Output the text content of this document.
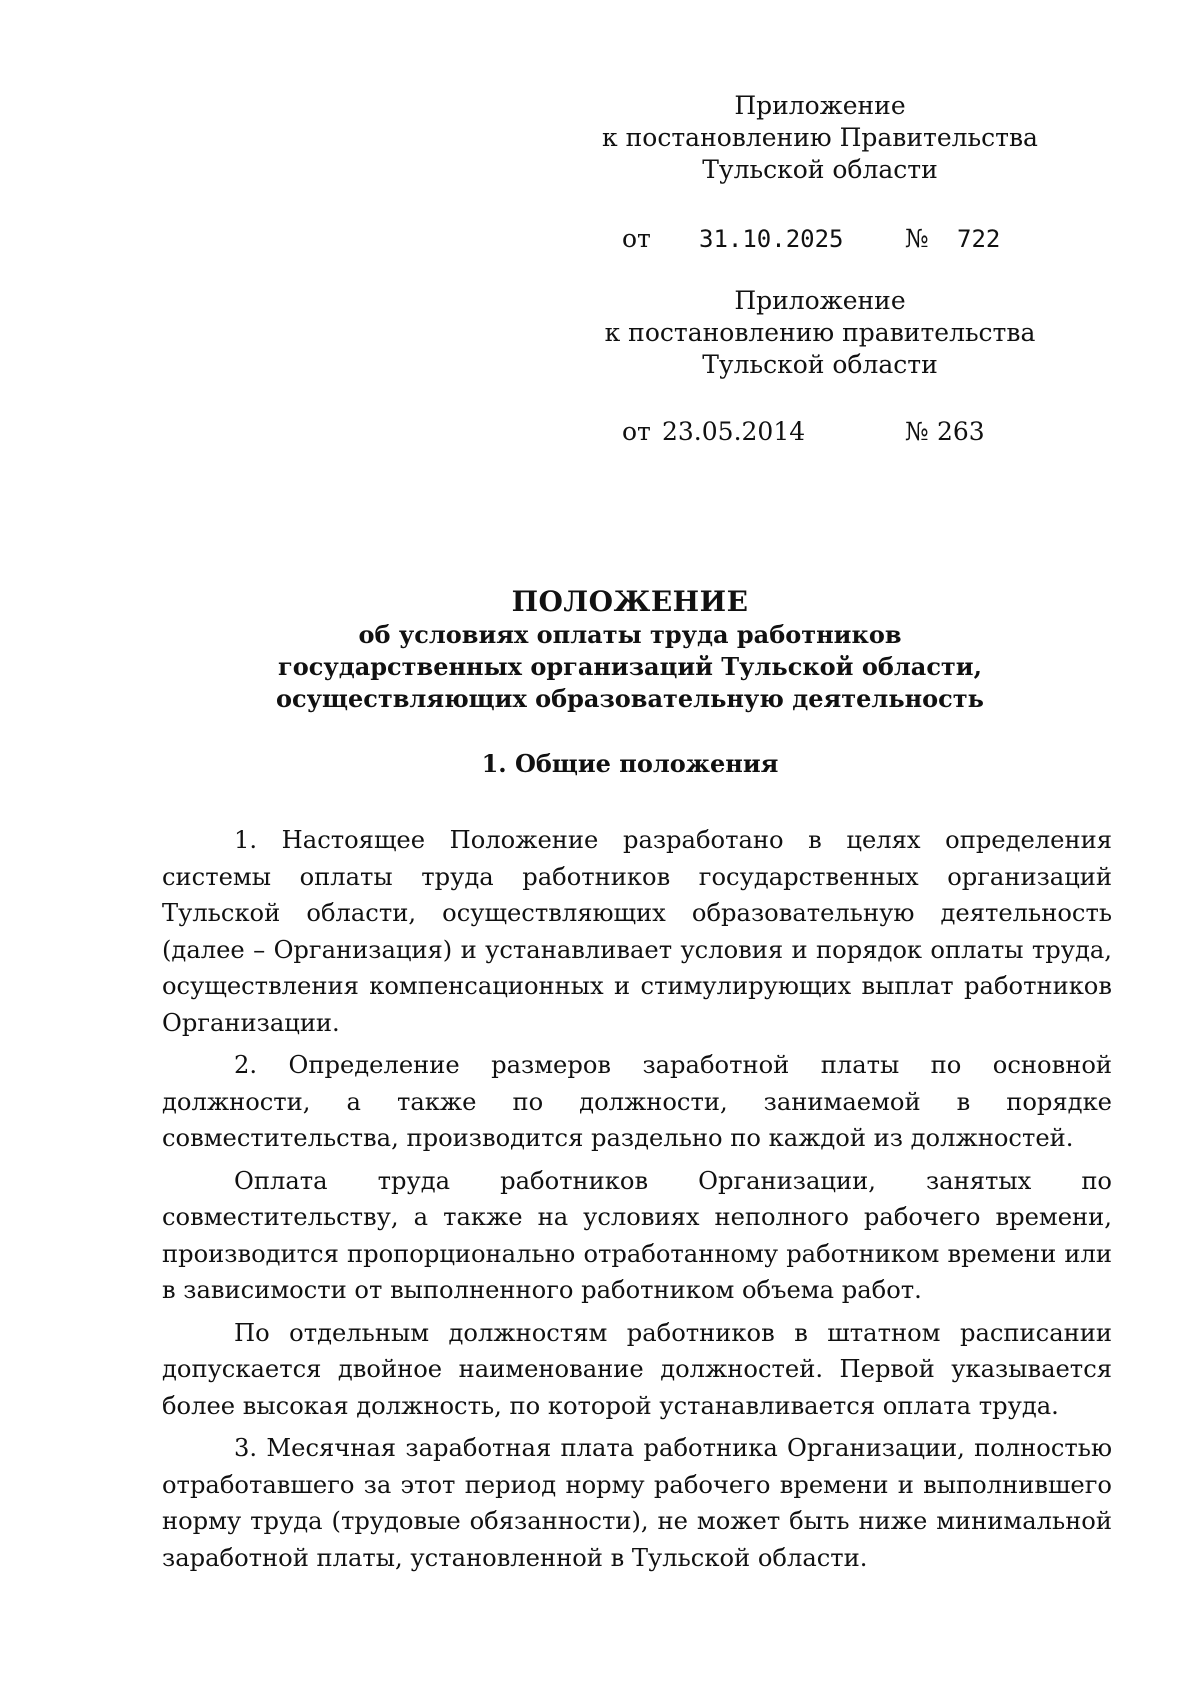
Приложение
к постановлению Правительства
Тульской области
от 31.10.2025 № 722
Приложение
к постановлению правительства
Тульской области
от 23.05.2014	№ 263
ПОЛОЖЕНИЕ
об условиях оплаты труда работников
государственных организаций Тульской области,
осуществляющих образовательную деятельность
1. Общие положения

1. Настоящее Положение разработано в целях определения системы оплаты труда работников государственных организаций Тульской области, осуществляющих образовательную деятельность (далее – Организация) и устанавливает условия и порядок оплаты труда, осуществления компенсационных и стимулирующих выплат работников Организации.

2. Определение размеров заработной платы по основной должности, а также по должности, занимаемой в порядке совместительства, производится раздельно по каждой из должностей.

Оплата труда работников Организации, занятых по совместительству, а также на условиях неполного рабочего времени, производится пропорционально отработанному работником времени или в зависимости от выполненного работником объема работ.

По отдельным должностям работников в штатном расписании допускается двойное наименование должностей. Первой указывается более высокая должность, по которой устанавливается оплата труда.

3. Месячная заработная плата работника Организации, полностью отработавшего за этот период норму рабочего времени и выполнившего норму труда (трудовые обязанности), не может быть ниже минимальной заработной платы, установленной в Тульской области.
